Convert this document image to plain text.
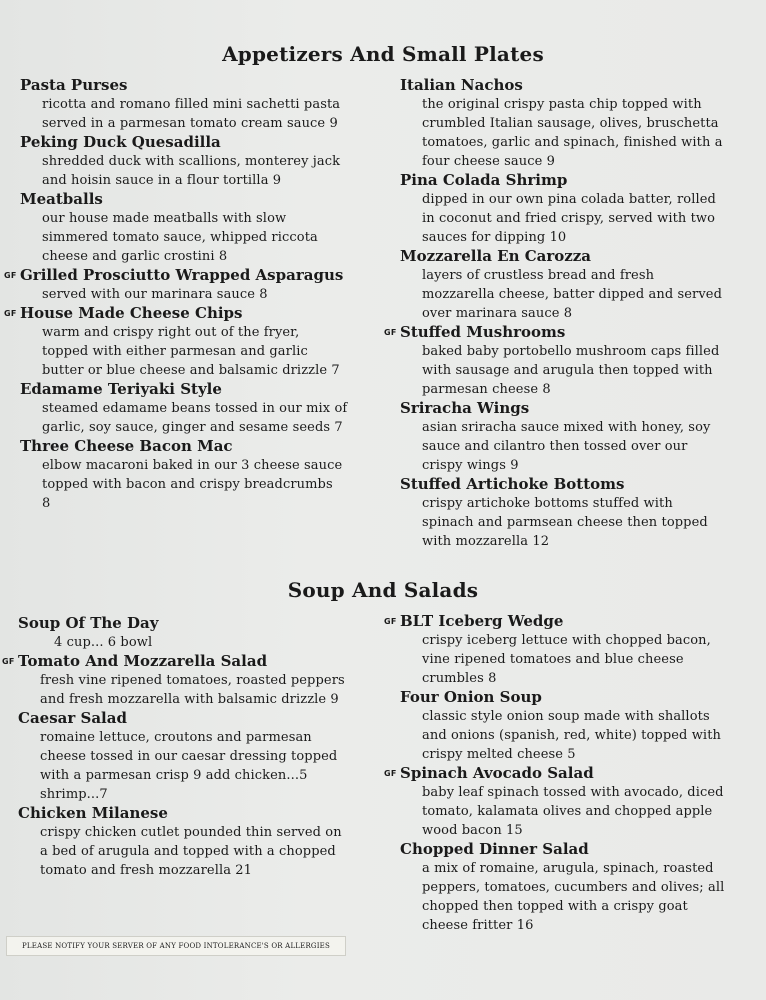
Appetizers And Small Plates
Pasta Purses
ricotta and romano filled mini sachetti pasta
served in a parmesan tomato cream sauce 9
Peking Duck Quesadilla
shredded duck with scallions, monterey jack
and hoisin sauce in a flour tortilla 9
Meatballs
our house made meatballs with slow
simmered tomato sauce, whipped riccota
cheese and garlic crostini 8
GF Grilled Prosciutto Wrapped Asparagus
served with our marinara sauce 8
GF House Made Cheese Chips
warm and crispy right out of the fryer,
topped with either parmesan and garlic
butter or blue cheese and balsamic drizzle 7
Edamame Teriyaki Style
steamed edamame beans tossed in our mix of
garlic, soy sauce, ginger and sesame seeds 7
Three Cheese Bacon Mac
elbow macaroni baked in our 3 cheese sauce
topped with bacon and crispy breadcrumbs
8
Italian Nachos
the original crispy pasta chip topped with
crumbled Italian sausage, olives, bruschetta
tomatoes, garlic and spinach, finished with a
four cheese sauce 9
Pina Colada Shrimp
dipped in our own pina colada batter, rolled
in coconut and fried crispy, served with two
sauces for dipping 10
Mozzarella En Carozza
layers of crustless bread and fresh
mozzarella cheese, batter dipped and served
over marinara sauce 8
GF Stuffed Mushrooms
baked baby portobello mushroom caps filled
with sausage and arugula then topped with
parmesan cheese 8
Sriracha Wings
asian sriracha sauce mixed with honey, soy
sauce and cilantro then tossed over our
crispy wings 9
Stuffed Artichoke Bottoms
crispy artichoke bottoms stuffed with
spinach and parmsean cheese then topped
with mozzarella 12
Soup And Salads
Soup Of The Day
4 cup... 6 bowl
GF Tomato And Mozzarella Salad
fresh vine ripened tomatoes, roasted peppers
and fresh mozzarella with balsamic drizzle 9
Caesar Salad
romaine lettuce, croutons and parmesan
cheese tossed in our caesar dressing topped
with a parmesan crisp 9 add chicken...5
shrimp...7
Chicken Milanese
crispy chicken cutlet pounded thin served on
a bed of arugula and topped with a chopped
tomato and fresh mozzarella 21
GF BLT Iceberg Wedge
crispy iceberg lettuce with chopped bacon,
vine ripened tomatoes and blue cheese
crumbles 8
Four Onion Soup
classic style onion soup made with shallots
and onions (spanish, red, white) topped with
crispy melted cheese 5
GF Spinach Avocado Salad
baby leaf spinach tossed with avocado, diced
tomato, kalamata olives and chopped apple
wood bacon 15
Chopped Dinner Salad
a mix of romaine, arugula, spinach, roasted
peppers, tomatoes, cucumbers and olives; all
chopped then topped with a crispy goat
cheese fritter 16
PLEASE NOTIFY YOUR SERVER OF ANY FOOD INTOLERANCE'S OR ALLERGIES
